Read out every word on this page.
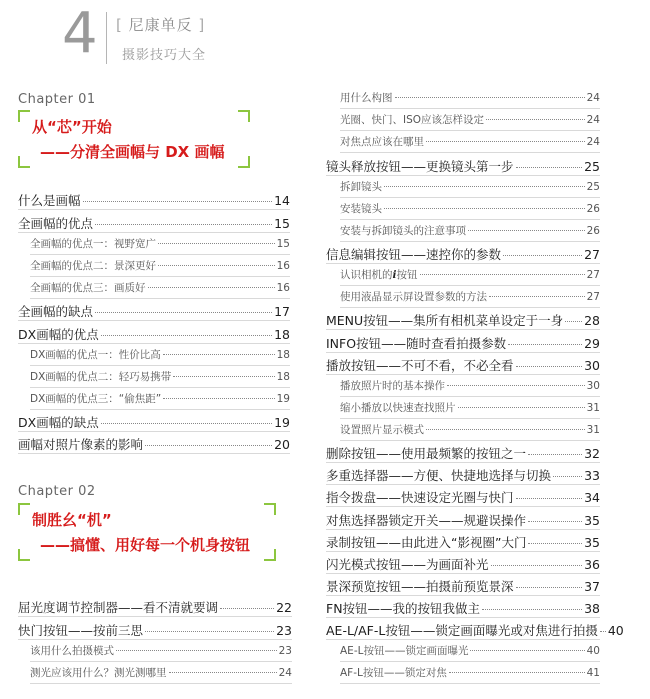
4 [ 尼康单反 ]
摄影技巧大全
Chapter 01
从“芯”开始
——分清全画幅与 DX 画幅
什么是画幅	14
全画幅的优点	15
全画幅的优点一：视野宽广	15
全画幅的优点二：景深更好	16
全画幅的优点三：画质好	16
全画幅的缺点	17
DX画幅的优点	18
DX画幅的优点一：性价比高	18
DX画幅的优点二：轻巧易携带	18
DX画幅的优点三：“偷焦距”	19
DX画幅的缺点	19
画幅对照片像素的影响	20
Chapter 02
制胜幺“机”
——搞懂、用好每一个机身按钮
屈光度调节控制器——看不清就要调	22
快门按钮——按前三思	23
该用什么拍摄模式	23
测光应该用什么？测光测哪里	24
用什么构图	24
光圈、快门、ISO应该怎样设定	24
对焦点应该在哪里	24
镜头释放按钮——更换镜头第一步	25
拆卸镜头	25
安装镜头	26
安装与拆卸镜头的注意事项	26
信息编辑按钮——速控你的参数	27
认识相机的 i 按钮	27
使用液晶显示屏设置参数的方法	27
MENU按钮——集所有相机菜单设定于一身 28
INFO按钮——随时查看拍摄参数	29
播放按钮——不可不看，不必全看	30
播放照片时的基本操作	30
缩小播放以快速查找照片	31
设置照片显示模式	31
删除按钮——使用最频繁的按钮之一	32
多重选择器——方便、快捷地选择与切换	33
指令拨盘——快速设定光圈与快门	34
对焦选择器锁定开关——规避误操作	35
录制按钮——由此进入“影视圈”大门	35
闪光模式按钮——为画面补光	36
景深预览按钮——拍摄前预览景深	37
FN按钮——我的按钮我做主	38
AE-L/AF-L按钮——锁定画面曝光或对焦进行拍摄 40
AE-L按钮——锁定画面曝光	40
AF-L按钮——锁定对焦	41
